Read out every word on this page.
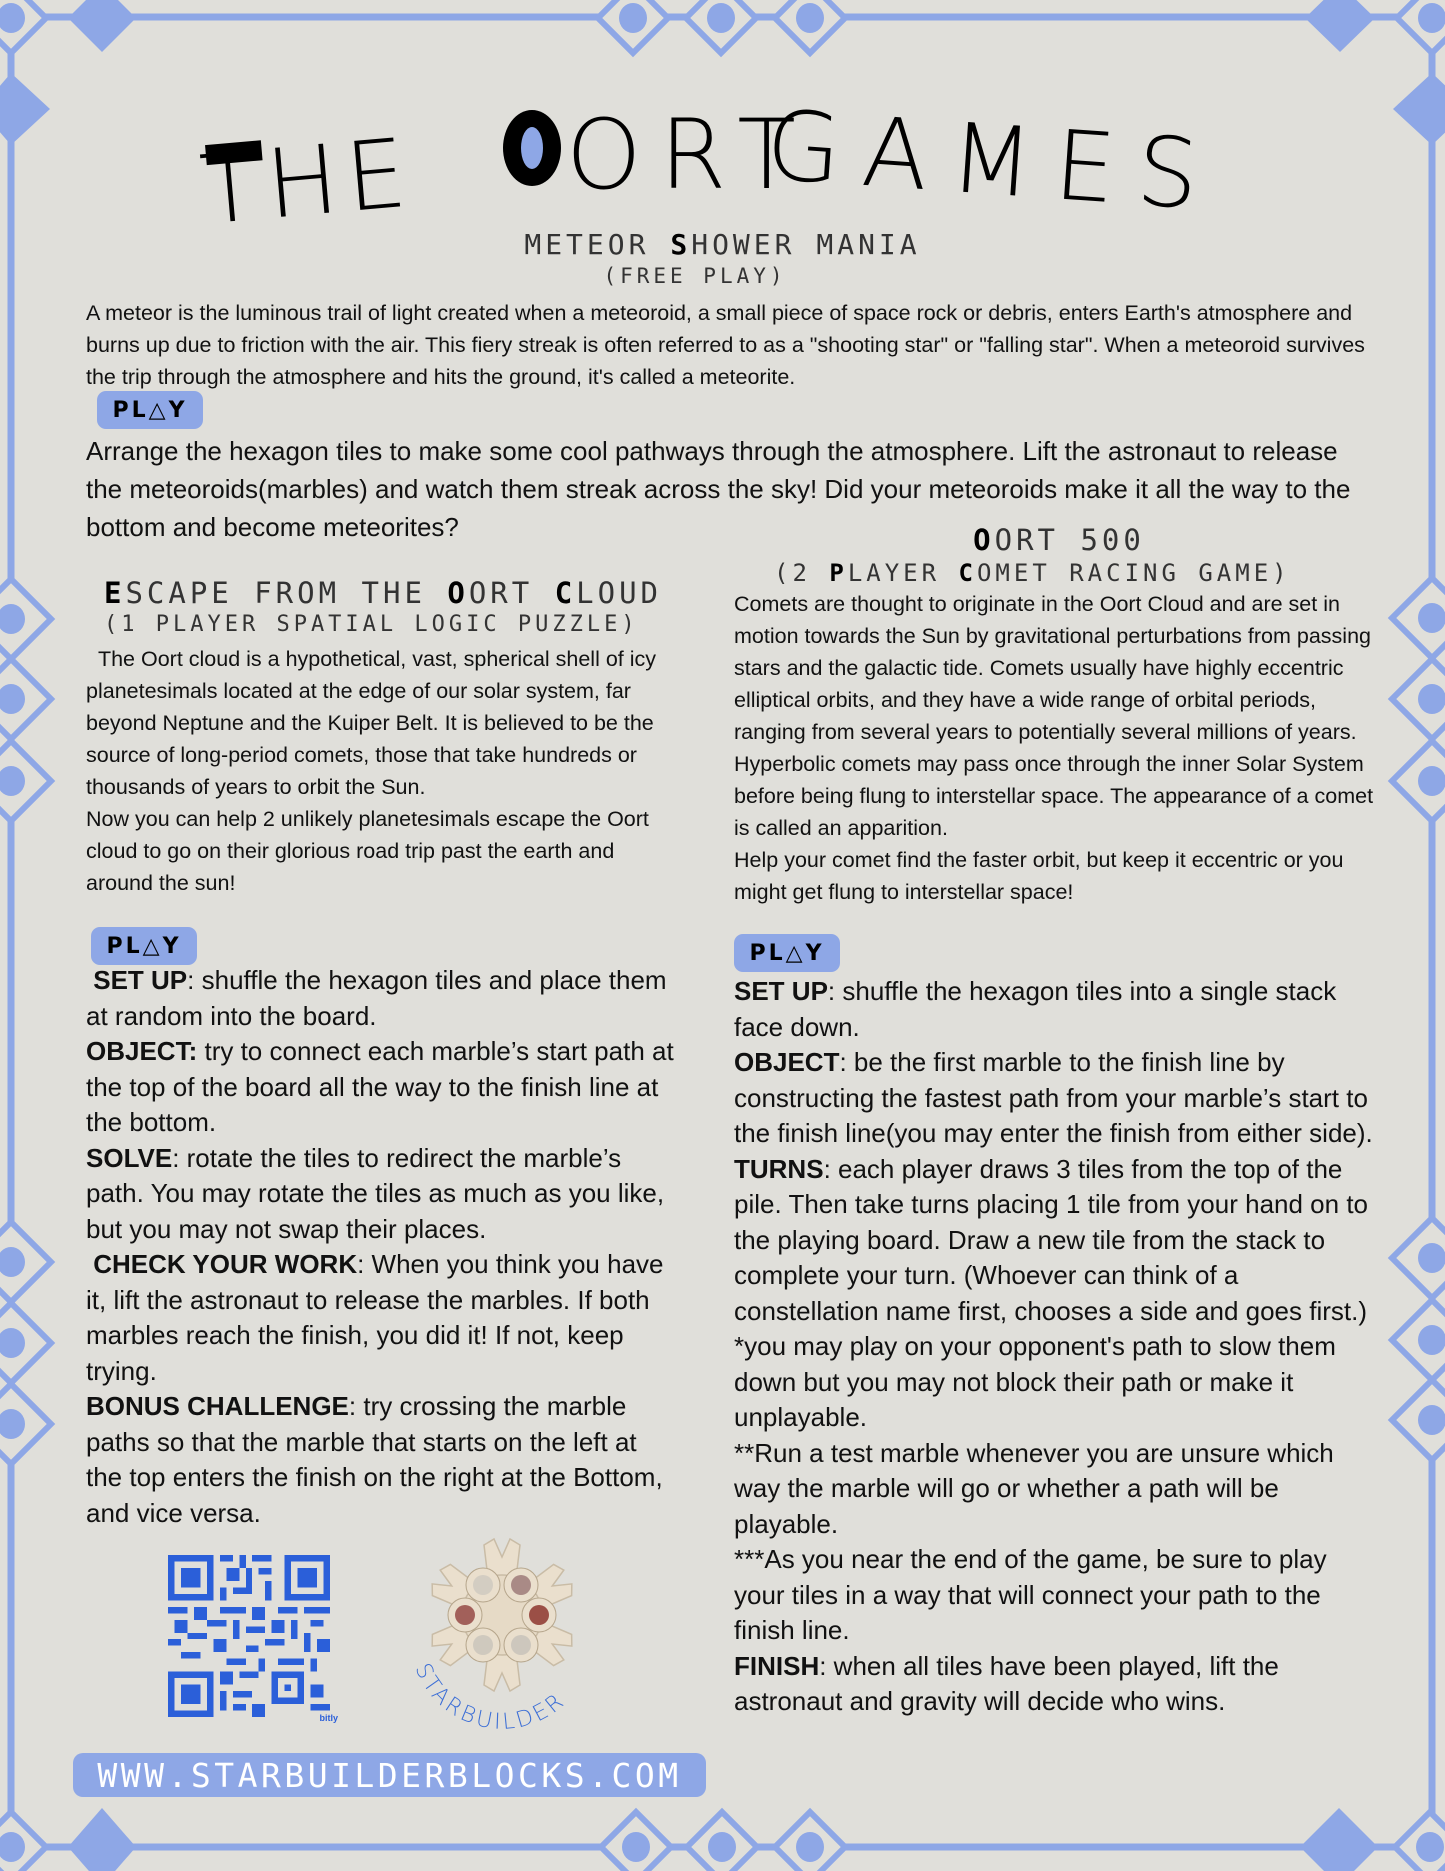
THE ORT
GAMES
METEOR SHOWER MANIA
(FREE PLAY)
A meteor is the luminous trail of light created when a meteoroid, a small piece of space rock or debris, enters Earth's atmosphere and burns up due to friction with the air. This fiery streak is often referred to as a "shooting star" or "falling star". When a meteoroid survives the trip through the atmosphere and hits the ground, it's called a meteorite.
P L △ Y
Arrange the hexagon tiles to make some cool pathways through the atmosphere. Lift the astronaut to release the meteoroids(marbles) and watch them streak across the sky! Did your meteoroids make it all the way to the bottom and become meteorites?
ESCAPE FROM THE OORT CLOUD
(1 PLAYER SPATIAL LOGIC PUZZLE)
The Oort cloud is a hypothetical, vast, spherical shell of icy planetesimals located at the edge of our solar system, far beyond Neptune and the Kuiper Belt. It is believed to be the source of long-period comets, those that take hundreds or thousands of years to orbit the Sun.
Now you can help 2 unlikely planetesimals escape the Oort cloud to go on their glorious road trip past the earth and around the sun!
P L △ Y
SET UP: shuffle the hexagon tiles and place them at random into the board.
OBJECT: try to connect each marble’s start path at the top of the board all the way to the finish line at the bottom.
SOLVE: rotate the tiles to redirect the marble’s path. You may rotate the tiles as much as you like, but you may not swap their places.
CHECK YOUR WORK: When you think you have it, lift the astronaut to release the marbles. If both marbles reach the finish, you did it! If not, keep trying.
BONUS CHALLENGE: try crossing the marble paths so that the marble that starts on the left at the top enters the finish on the right at the Bottom, and vice versa.
bitly
STARBUILDER
WWW.STARBUILDERBLOCKS.COM
OORT 500
(2 PLAYER COMET RACING GAME)
Comets are thought to originate in the Oort Cloud and are set in motion towards the Sun by gravitational perturbations from passing stars and the galactic tide. Comets usually have highly eccentric elliptical orbits, and they have a wide range of orbital periods, ranging from several years to potentially several millions of years. Hyperbolic comets may pass once through the inner Solar System before being flung to interstellar space. The appearance of a comet is called an apparition.
Help your comet find the faster orbit, but keep it eccentric or you might get flung to interstellar space!
P L △ Y
SET UP: shuffle the hexagon tiles into a single stack face down.
OBJECT: be the first marble to the finish line by constructing the fastest path from your marble’s start to the finish line(you may enter the finish from either side).
TURNS: each player draws 3 tiles from the top of the pile. Then take turns placing 1 tile from your hand on to the playing board. Draw a new tile from the stack to complete your turn. (Whoever can think of a constellation name first, chooses a side and goes first.)
*you may play on your opponent's path to slow them down but you may not block their path or make it unplayable.
**Run a test marble whenever you are unsure which way the marble will go or whether a path will be playable.
***As you near the end of the game, be sure to play your tiles in a way that will connect your path to the finish line.
FINISH: when all tiles have been played, lift the astronaut and gravity will decide who wins.
